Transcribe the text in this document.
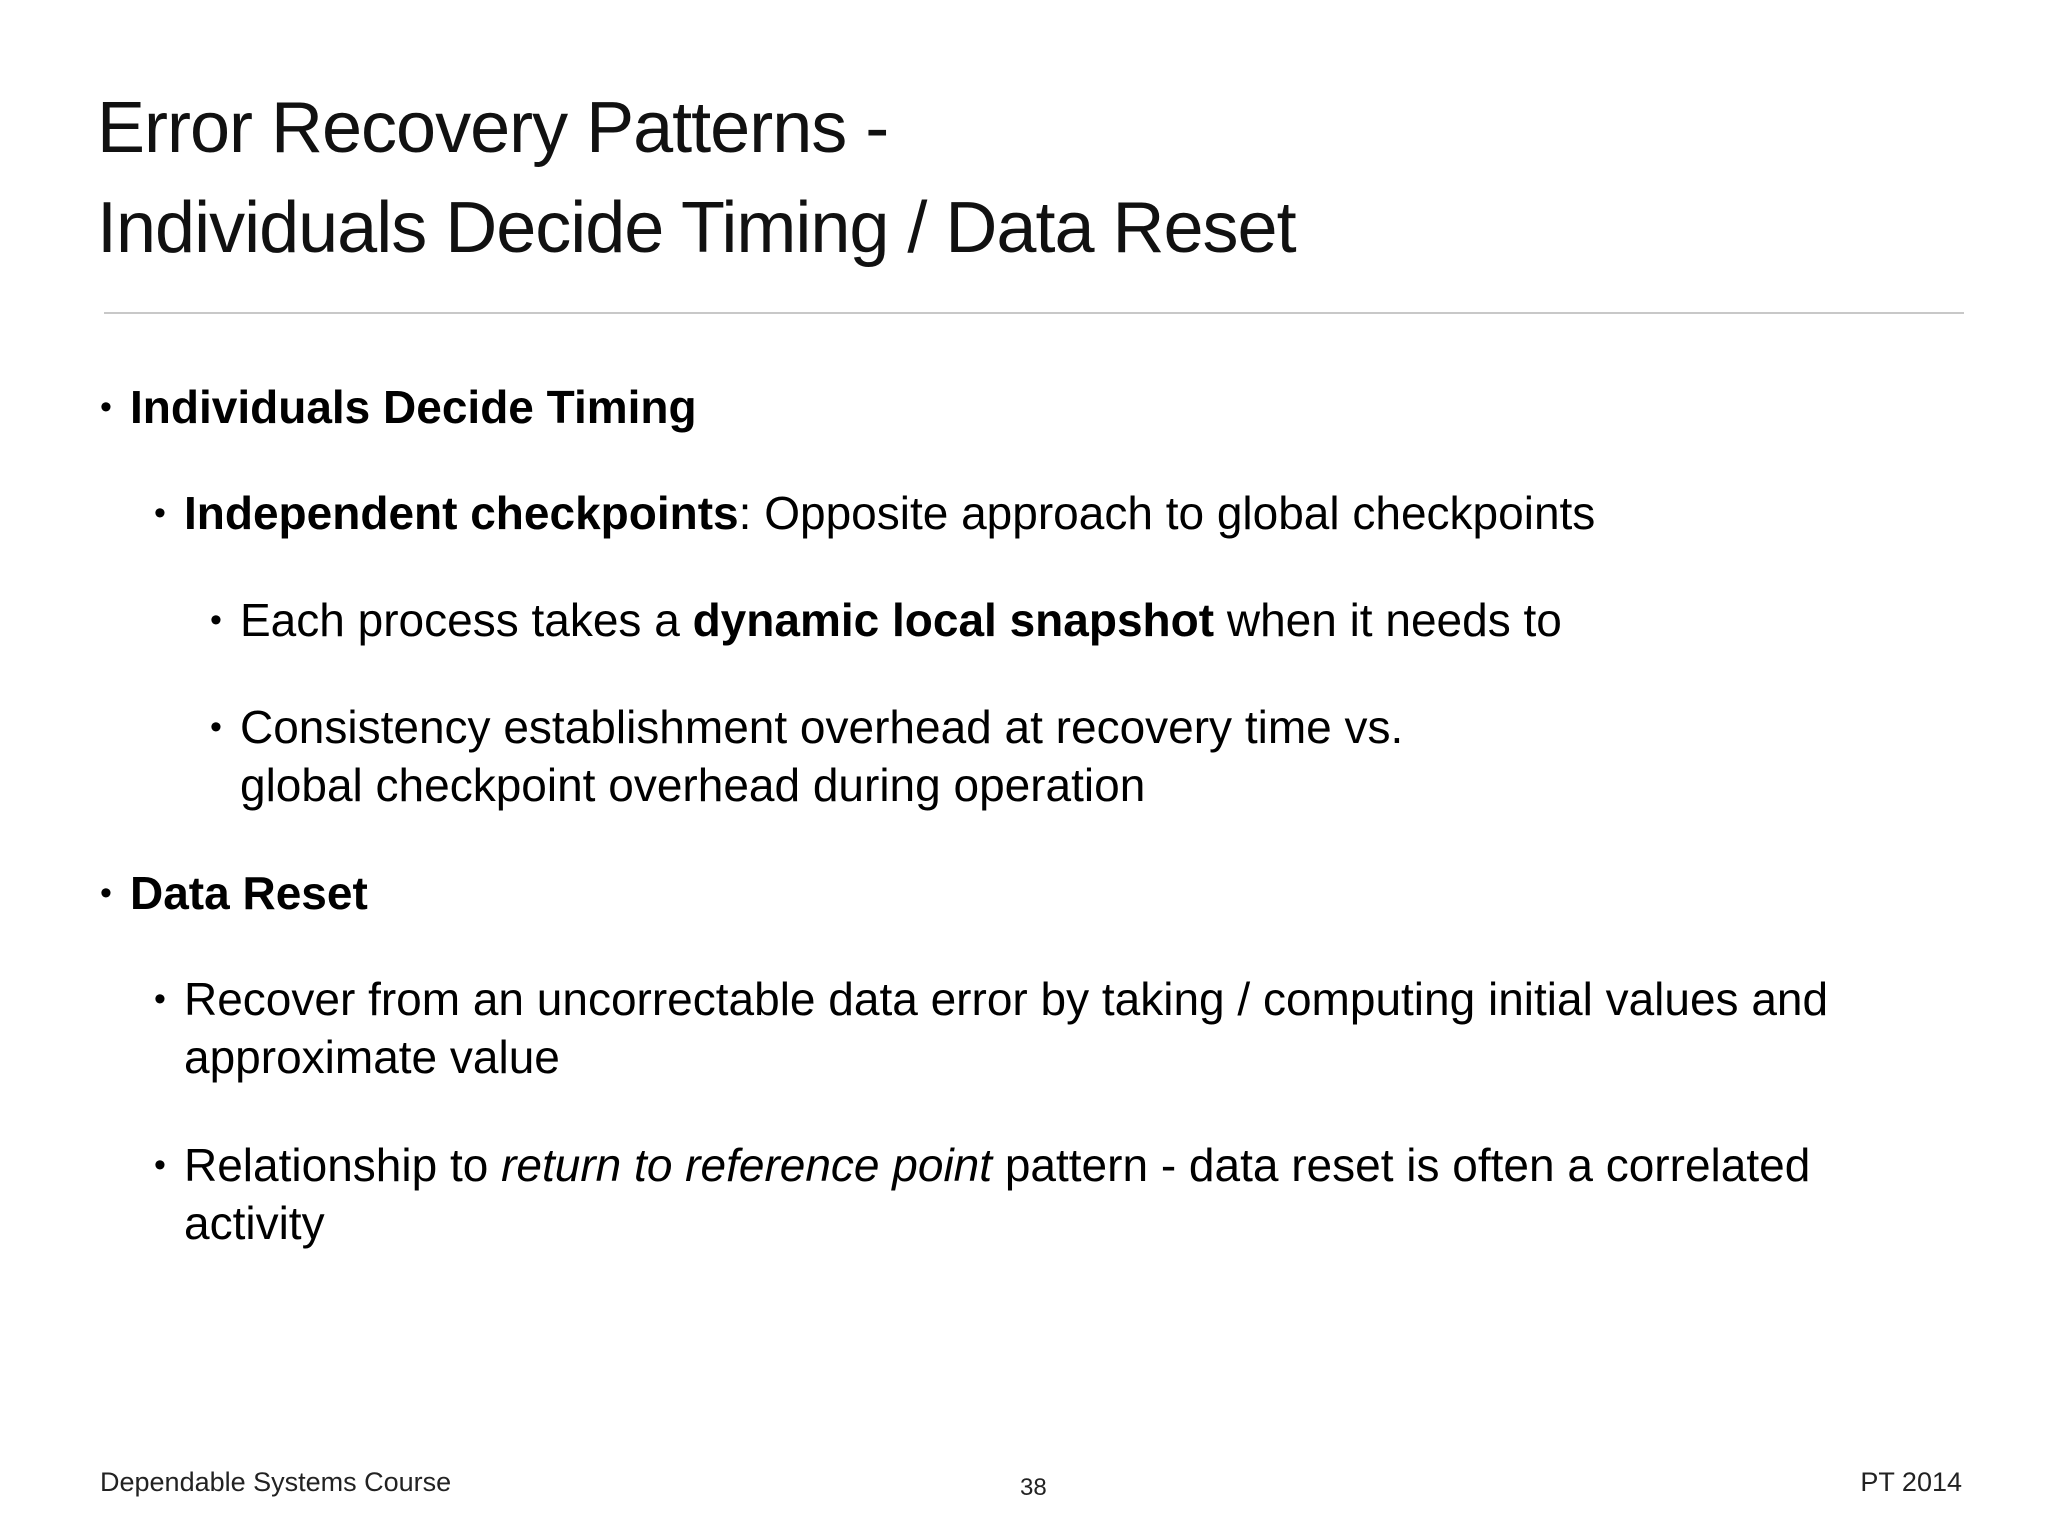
Error Recovery Patterns -
Individuals Decide Timing / Data Reset
• Individuals Decide Timing
• Independent checkpoints: Opposite approach to global checkpoints
• Each process takes a dynamic local snapshot when it needs to
• Consistency establishment overhead at recovery time vs.
global checkpoint overhead during operation
• Data Reset
• Recover from an uncorrectable data error by taking / computing initial values and
approximate value
• Relationship to return to reference point pattern - data reset is often a correlated
activity
Dependable Systems Course	38	PT 2014
